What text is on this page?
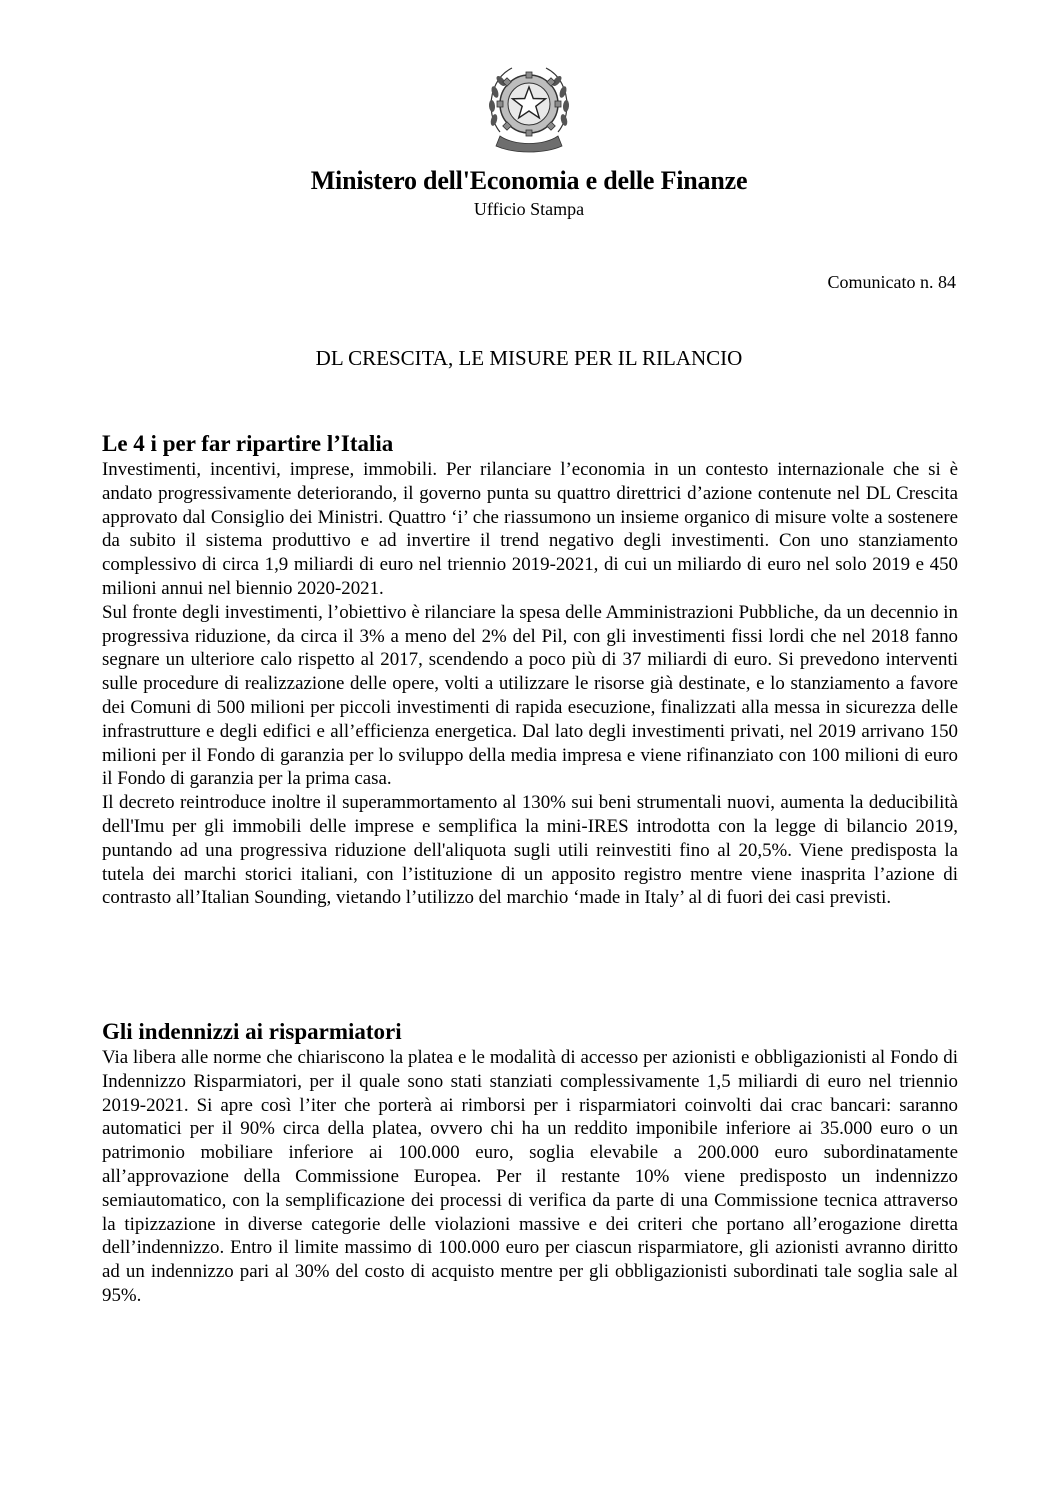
Ministero dell'Economia e delle Finanze
Ufficio Stampa
Comunicato n. 84
DL CRESCITA, LE MISURE PER IL RILANCIO
Le 4 i per far ripartire l’Italia

Investimenti, incentivi, imprese, immobili. Per rilanciare l’economia in un contesto internazionale che si è andato progressivamente deteriorando, il governo punta su quattro direttrici d’azione contenute nel DL Crescita approvato dal Consiglio dei Ministri. Quattro ‘i’ che riassumono un insieme organico di misure volte a sostenere da subito il sistema produttivo e ad invertire il trend negativo degli investimenti. Con uno stanziamento complessivo di circa 1,9 miliardi di euro nel triennio 2019-2021, di cui un miliardo di euro nel solo 2019 e 450 milioni annui nel biennio 2020-2021.

Sul fronte degli investimenti, l’obiettivo è rilanciare la spesa delle Amministrazioni Pubbliche, da un decennio in progressiva riduzione, da circa il 3% a meno del 2% del Pil, con gli investimenti fissi lordi che nel 2018 fanno segnare un ulteriore calo rispetto al 2017, scendendo a poco più di 37 miliardi di euro. Si prevedono interventi sulle procedure di realizzazione delle opere, volti a utilizzare le risorse già destinate, e lo stanziamento a favore dei Comuni di 500 milioni per piccoli investimenti di rapida esecuzione, finalizzati alla messa in sicurezza delle infrastrutture e degli edifici e all’efficienza energetica. Dal lato degli investimenti privati, nel 2019 arrivano 150 milioni per il Fondo di garanzia per lo sviluppo della media impresa e viene rifinanziato con 100 milioni di euro il Fondo di garanzia per la prima casa.

Il decreto reintroduce inoltre il superammortamento al 130% sui beni strumentali nuovi, aumenta la deducibilità dell'Imu per gli immobili delle imprese e semplifica la mini-IRES introdotta con la legge di bilancio 2019, puntando ad una progressiva riduzione dell'aliquota sugli utili reinvestiti fino al 20,5%. Viene predisposta la tutela dei marchi storici italiani, con l’istituzione di un apposito registro mentre viene inasprita l’azione di contrasto all’Italian Sounding, vietando l’utilizzo del marchio ‘made in Italy’ al di fuori dei casi previsti.

Gli indennizzi ai risparmiatori

Via libera alle norme che chiariscono la platea e le modalità di accesso per azionisti e obbligazionisti al Fondo di Indennizzo Risparmiatori, per il quale sono stati stanziati complessivamente 1,5 miliardi di euro nel triennio 2019-2021. Si apre così l’iter che porterà ai rimborsi per i risparmiatori coinvolti dai crac bancari: saranno automatici per il 90% circa della platea, ovvero chi ha un reddito imponibile inferiore ai 35.000 euro o un patrimonio mobiliare inferiore ai 100.000 euro, soglia elevabile a 200.000 euro subordinatamente all’approvazione della Commissione Europea. Per il restante 10% viene predisposto un indennizzo semiautomatico, con la semplificazione dei processi di verifica da parte di una Commissione tecnica attraverso la tipizzazione in diverse categorie delle violazioni massive e dei criteri che portano all’erogazione diretta dell’indennizzo. Entro il limite massimo di 100.000 euro per ciascun risparmiatore, gli azionisti avranno diritto ad un indennizzo pari al 30% del costo di acquisto mentre per gli obbligazionisti subordinati tale soglia sale al 95%.
